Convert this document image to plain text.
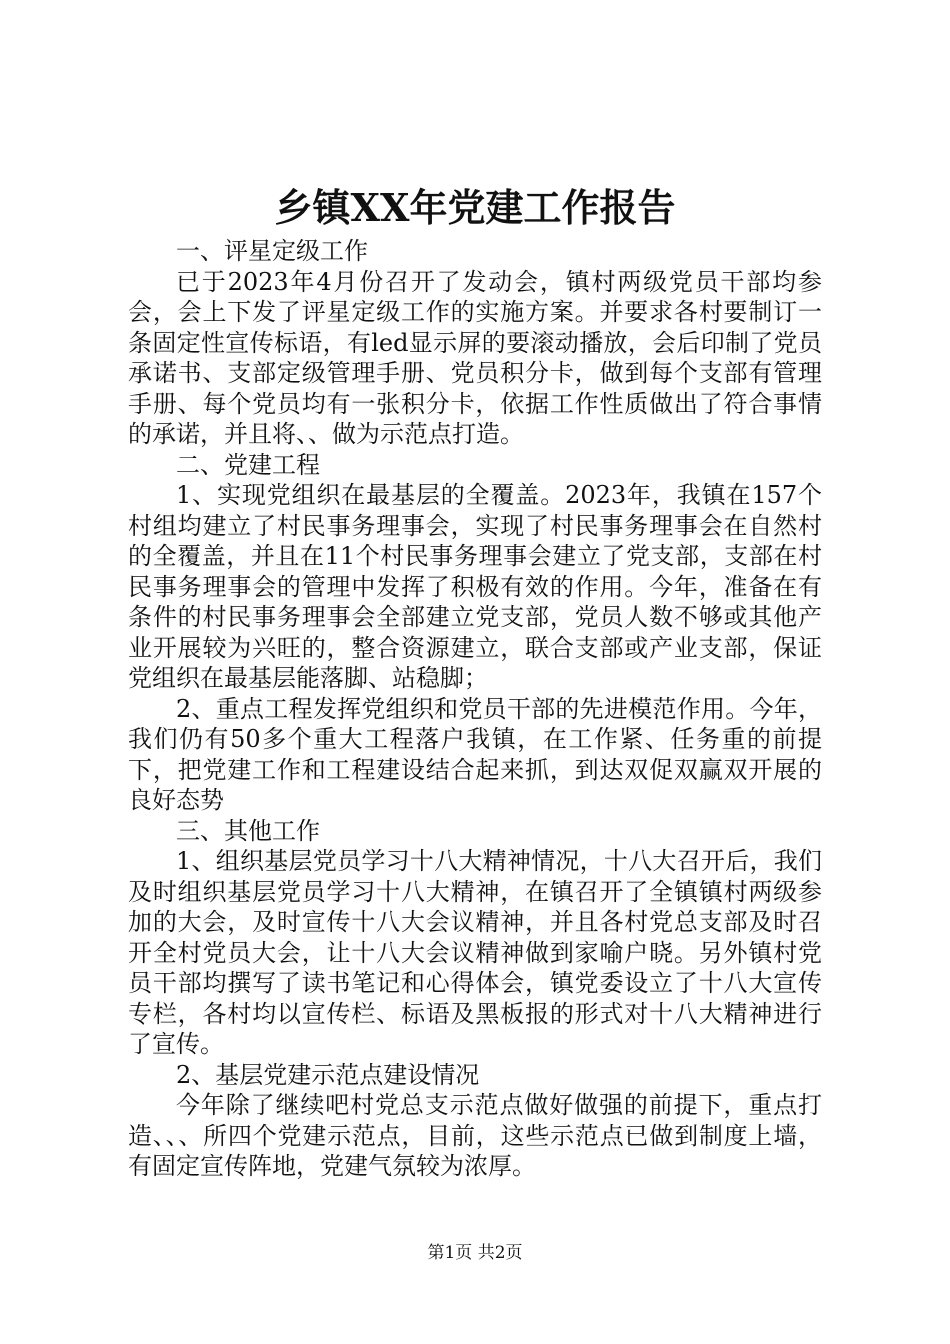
乡镇XX年党建工作报告

一、评星定级工作

已于2023年4月份召开了发动会，镇村两级党员干部均参会，会上下发了评星定级工作的实施方案。并要求各村要制订一条固定性宣传标语，有led显示屏的要滚动播放，会后印制了党员承诺书、支部定级管理手册、党员积分卡，做到每个支部有管理手册、每个党员均有一张积分卡，依据工作性质做出了符合事情的承诺，并且将、、做为示范点打造。

二、党建工程

1、实现党组织在最基层的全覆盖。2023年，我镇在157个村组均建立了村民事务理事会，实现了村民事务理事会在自然村的全覆盖，并且在11个村民事务理事会建立了党支部，支部在村民事务理事会的管理中发挥了积极有效的作用。今年，准备在有条件的村民事务理事会全部建立党支部，党员人数不够或其他产业开展较为兴旺的，整合资源建立，联合支部或产业支部，保证党组织在最基层能落脚、站稳脚；

2、重点工程发挥党组织和党员干部的先进模范作用。今年，我们仍有50多个重大工程落户我镇，在工作紧、任务重的前提下，把党建工作和工程建设结合起来抓，到达双促双赢双开展的良好态势

三、其他工作

1、组织基层党员学习十八大精神情况，十八大召开后，我们及时组织基层党员学习十八大精神，在镇召开了全镇镇村两级参加的大会，及时宣传十八大会议精神，并且各村党总支部及时召开全村党员大会，让十八大会议精神做到家喻户晓。另外镇村党员干部均撰写了读书笔记和心得体会，镇党委设立了十八大宣传专栏，各村均以宣传栏、标语及黑板报的形式对十八大精神进行了宣传。

2、基层党建示范点建设情况

今年除了继续吧村党总支示范点做好做强的前提下，重点打造、、、所四个党建示范点，目前，这些示范点已做到制度上墙，有固定宣传阵地，党建气氛较为浓厚。

第1页 共2页
